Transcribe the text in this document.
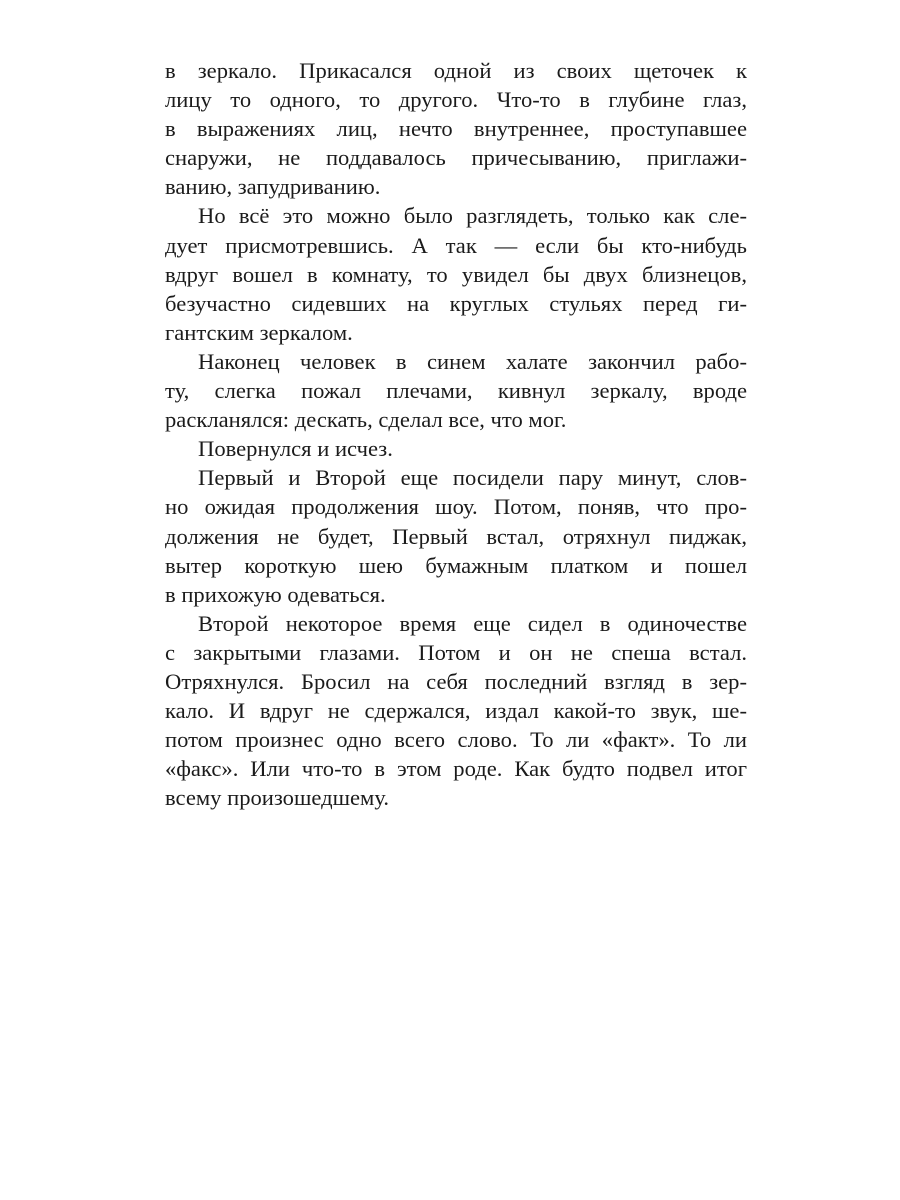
в зеркало. Прикасался одной из своих щеточек к
лицу то одного, то другого. Что-то в глубине глаз,
в выражениях лиц, нечто внутреннее, проступавшее
снаружи, не поддавалось причесыванию, приглажи-
ванию, запудриванию.
Но всё это можно было разглядеть, только как сле-
дует присмотревшись. А так — если бы кто-нибудь
вдруг вошел в комнату, то увидел бы двух близнецов,
безучастно сидевших на круглых стульях перед ги-
гантским зеркалом.
Наконец человек в синем халате закончил рабо-
ту, слегка пожал плечами, кивнул зеркалу, вроде
раскланялся: дескать, сделал все, что мог.
Повернулся и исчез.
Первый и Второй еще посидели пару минут, слов-
но ожидая продолжения шоу. Потом, поняв, что про-
должения не будет, Первый встал, отряхнул пиджак,
вытер короткую шею бумажным платком и пошел
в прихожую одеваться.
Второй некоторое время еще сидел в одиночестве
с закрытыми глазами. Потом и он не спеша встал.
Отряхнулся. Бросил на себя последний взгляд в зер-
кало. И вдруг не сдержался, издал какой-то звук, ше-
потом произнес одно всего слово. То ли «факт». То ли
«факс». Или что-то в этом роде. Как будто подвел итог
всему произошедшему.
